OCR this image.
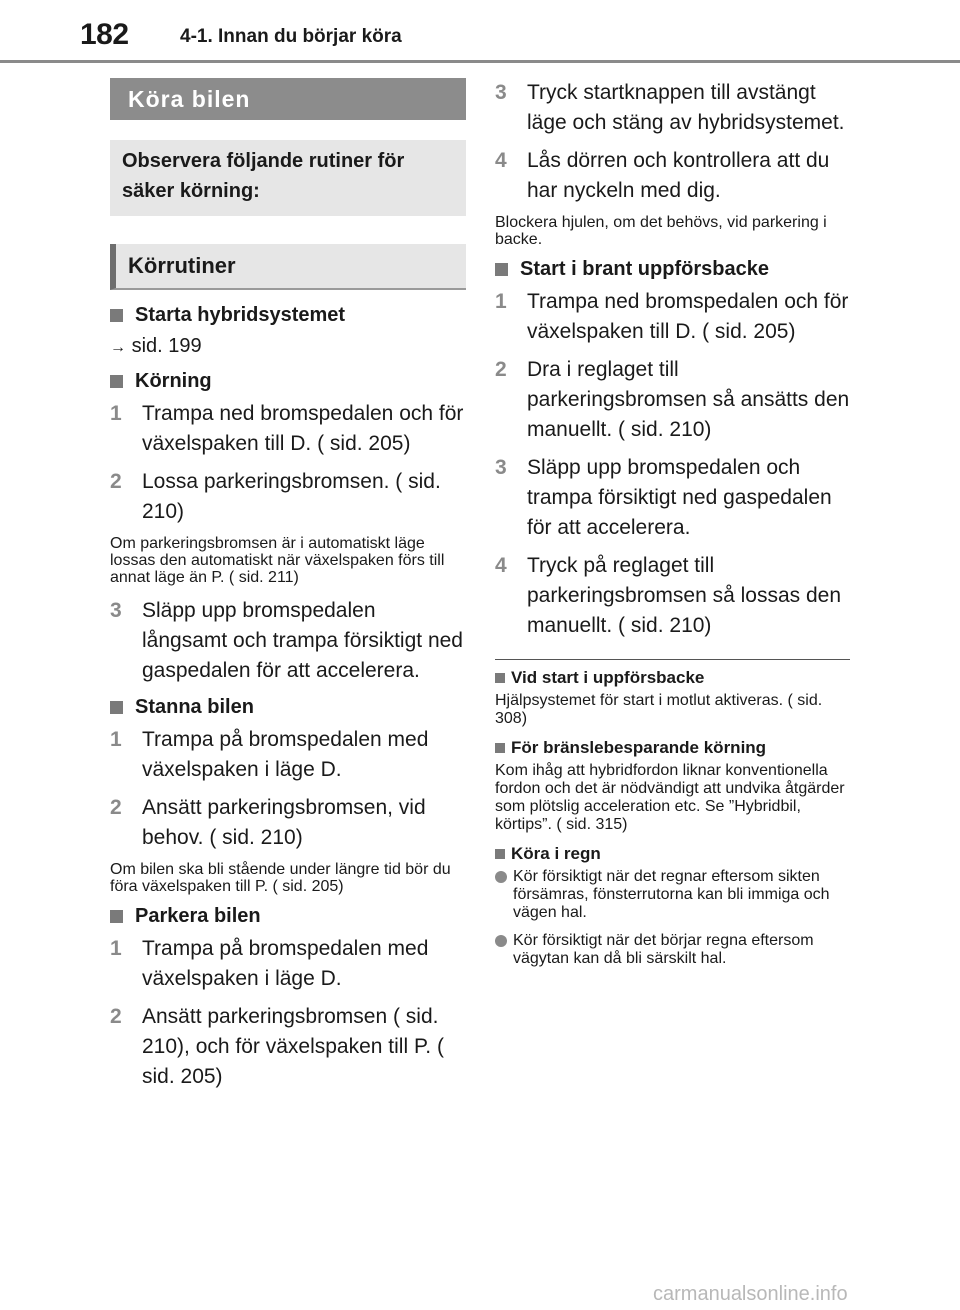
182	4-1. Innan du börjar köra
Köra bilen
Observera följande rutiner för säker körning:
Körrutiner
Starta hybridsystemet
→ sid. 199
Körning
1 Trampa ned bromspedalen och för växelspaken till D. ( sid. 205)
2 Lossa parkeringsbromsen. ( sid. 210)
Om parkeringsbromsen är i automatiskt läge lossas den automatiskt när växelspaken förs till annat läge än P. ( sid. 211)
3 Släpp upp bromspedalen långsamt och trampa försiktigt ned gaspedalen för att accelerera.
Stanna bilen
1 Trampa på bromspedalen med växelspaken i läge D.
2 Ansätt parkeringsbromsen, vid behov. ( sid. 210)
Om bilen ska bli stående under längre tid bör du föra växelspaken till P. ( sid. 205)
Parkera bilen
1 Trampa på bromspedalen med växelspaken i läge D.
2 Ansätt parkeringsbromsen ( sid. 210), och för växelspaken till P. ( sid. 205)
3 Tryck startknappen till avstängt läge och stäng av hybridsystemet.
4 Lås dörren och kontrollera att du har nyckeln med dig.
Blockera hjulen, om det behövs, vid parkering i backe.
Start i brant uppförsbacke
1 Trampa ned bromspedalen och för växelspaken till D. ( sid. 205)
2 Dra i reglaget till parkeringsbromsen så ansätts den manuellt. ( sid. 210)
3 Släpp upp bromspedalen och trampa försiktigt ned gaspedalen för att accelerera.
4 Tryck på reglaget till parkeringsbromsen så lossas den manuellt. ( sid. 210)
Vid start i uppförsbacke
Hjälpsystemet för start i motlut aktiveras. ( sid. 308)
För bränslebesparande körning
Kom ihåg att hybridfordon liknar konventionella fordon och det är nödvändigt att undvika åtgärder som plötslig acceleration etc. Se ”Hybridbil, körtips”. ( sid. 315)
Köra i regn
Kör försiktigt när det regnar eftersom sikten försämras, fönsterrutorna kan bli immiga och vägen hal.
Kör försiktigt när det börjar regna eftersom vägytan kan då bli särskilt hal.
carmanualsonline.info
